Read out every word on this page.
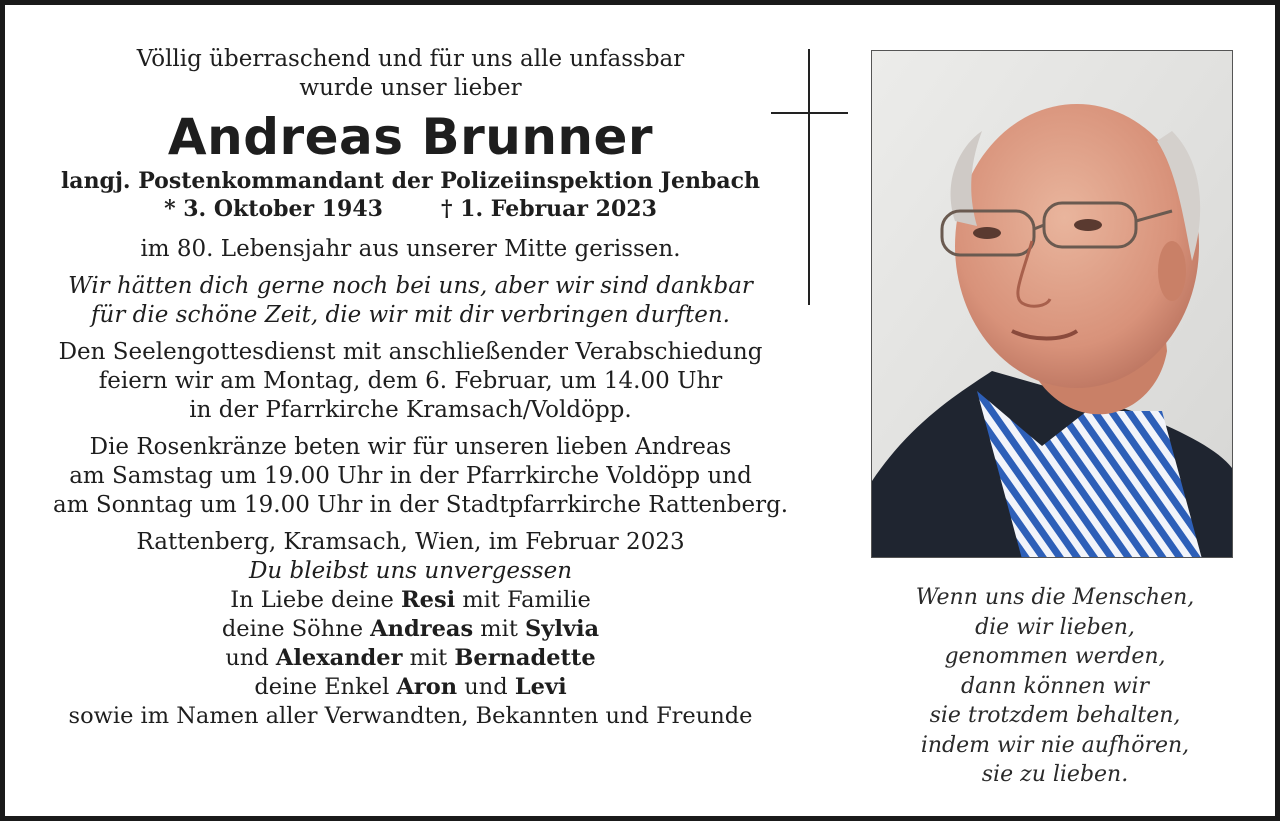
Völlig überraschend und für uns alle unfassbar
wurde unser lieber
Andreas Brunner
langj. Postenkommandant der Polizeiinspektion Jenbach
* 3. Oktober 1943	† 1. Februar 2023
im 80. Lebensjahr aus unserer Mitte gerissen.
Wir hätten dich gerne noch bei uns, aber wir sind dankbar
für die schöne Zeit, die wir mit dir verbringen durften.
Den Seelengottesdienst mit anschließender Verabschiedung
feiern wir am Montag, dem 6. Februar, um 14.00 Uhr
in der Pfarrkirche Kramsach/Voldöpp.
Die Rosenkränze beten wir für unseren lieben Andreas
am Samstag um 19.00 Uhr in der Pfarrkirche Voldöpp und
am Sonntag um 19.00 Uhr in der Stadtpfarrkirche Rattenberg.
Rattenberg, Kramsach, Wien, im Februar 2023
Du bleibst uns unvergessen
In Liebe deine Resi mit Familie
deine Söhne Andreas mit Sylvia
und Alexander mit Bernadette
deine Enkel Aron und Levi
sowie im Namen aller Verwandten, Bekannten und Freunde
Wenn uns die Menschen,
die wir lieben,
genommen werden,
dann können wir
sie trotzdem behalten,
indem wir nie aufhören,
sie zu lieben.
